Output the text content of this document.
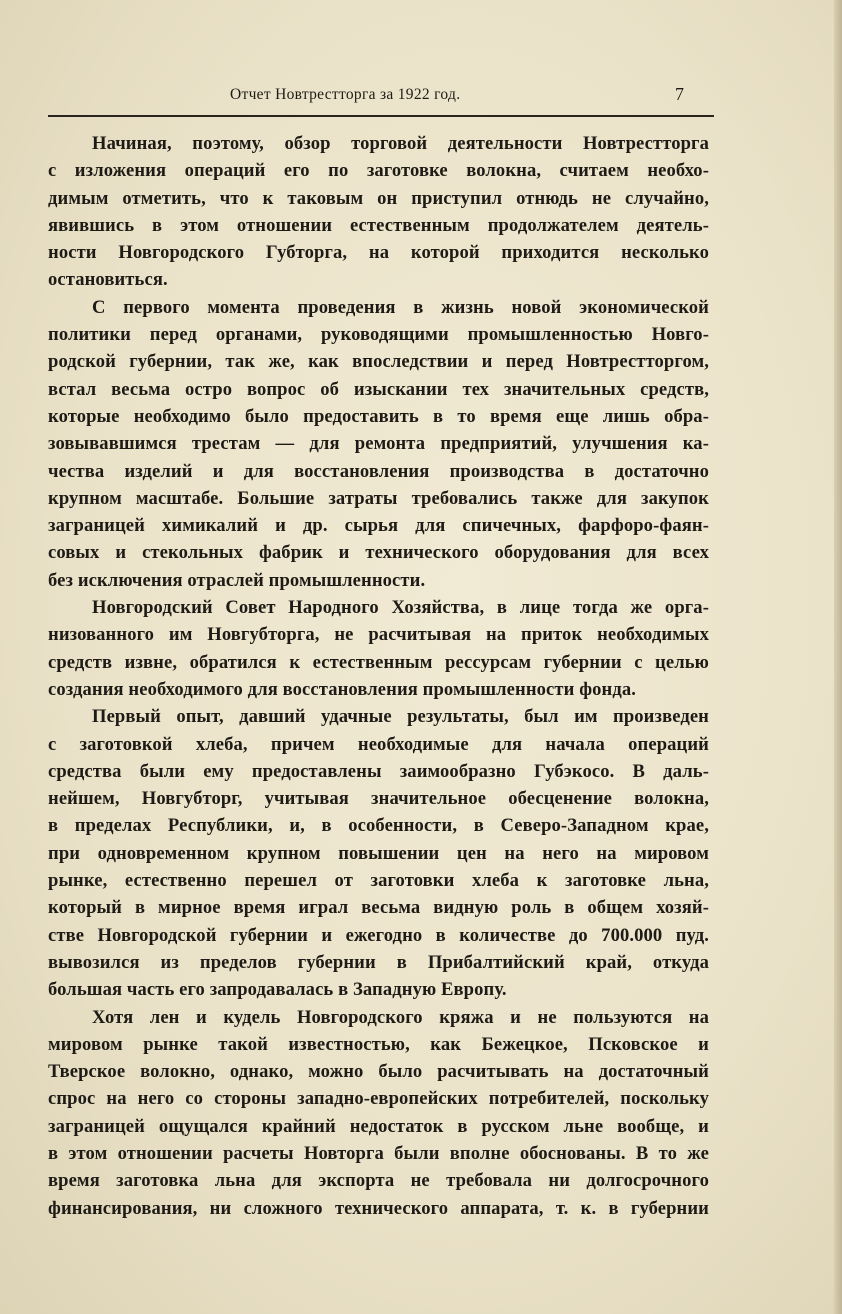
Отчет Новтрестторга за 1922 год.	7
Начиная, поэтому, обзор торговой деятельности Новтрестторга
с изложения операций его по заготовке волокна, считаем необхо-
димым отметить, что к таковым он приступил отнюдь не случайно,
явившись в этом отношении естественным продолжателем деятель-
ности Новгородского Губторга, на которой приходится несколько
остановиться.
С первого момента проведения в жизнь новой экономической
политики перед органами, руководящими промышленностью Новго-
родской губернии, так же, как впоследствии и перед Новтрестторгом,
встал весьма остро вопрос об изыскании тех значительных средств,
которые необходимо было предоставить в то время еще лишь обра-
зовывавшимся трестам — для ремонта предприятий, улучшения ка-
чества изделий и для восстановления производства в достаточно
крупном масштабе. Большие затраты требовались также для закупок
заграницей химикалий и др. сырья для спичечных, фарфоро-фаян-
совых и стекольных фабрик и технического оборудования для всех
без исключения отраслей промышленности.
Новгородский Совет Народного Хозяйства, в лице тогда же орга-
низованного им Новгубторга, не расчитывая на приток необходимых
средств извне, обратился к естественным рессурсам губернии с целью
создания необходимого для восстановления промышленности фонда.
Первый опыт, давший удачные результаты, был им произведен
с заготовкой хлеба, причем необходимые для начала операций
средства были ему предоставлены заимообразно Губэкосо. В даль-
нейшем, Новгубторг, учитывая значительное обесценение волокна,
в пределах Республики, и, в особенности, в Северо-Западном крае,
при одновременном крупном повышении цен на него на мировом
рынке, естественно перешел от заготовки хлеба к заготовке льна,
который в мирное время играл весьма видную роль в общем хозяй-
стве Новгородской губернии и ежегодно в количестве до 700.000 пуд.
вывозился из пределов губернии в Прибалтийский край, откуда
большая часть его запродавалась в Западную Европу.
Хотя лен и кудель Новгородского кряжа и не пользуются на
мировом рынке такой известностью, как Бежецкое, Псковское и
Тверское волокно, однако, можно было расчитывать на достаточный
спрос на него со стороны западно-европейских потребителей, поскольку
заграницей ощущался крайний недостаток в русском льне вообще, и
в этом отношении расчеты Новторга были вполне обоснованы. В то же
время заготовка льна для экспорта не требовала ни долгосрочного
финансирования, ни сложного технического аппарата, т. к. в губернии
